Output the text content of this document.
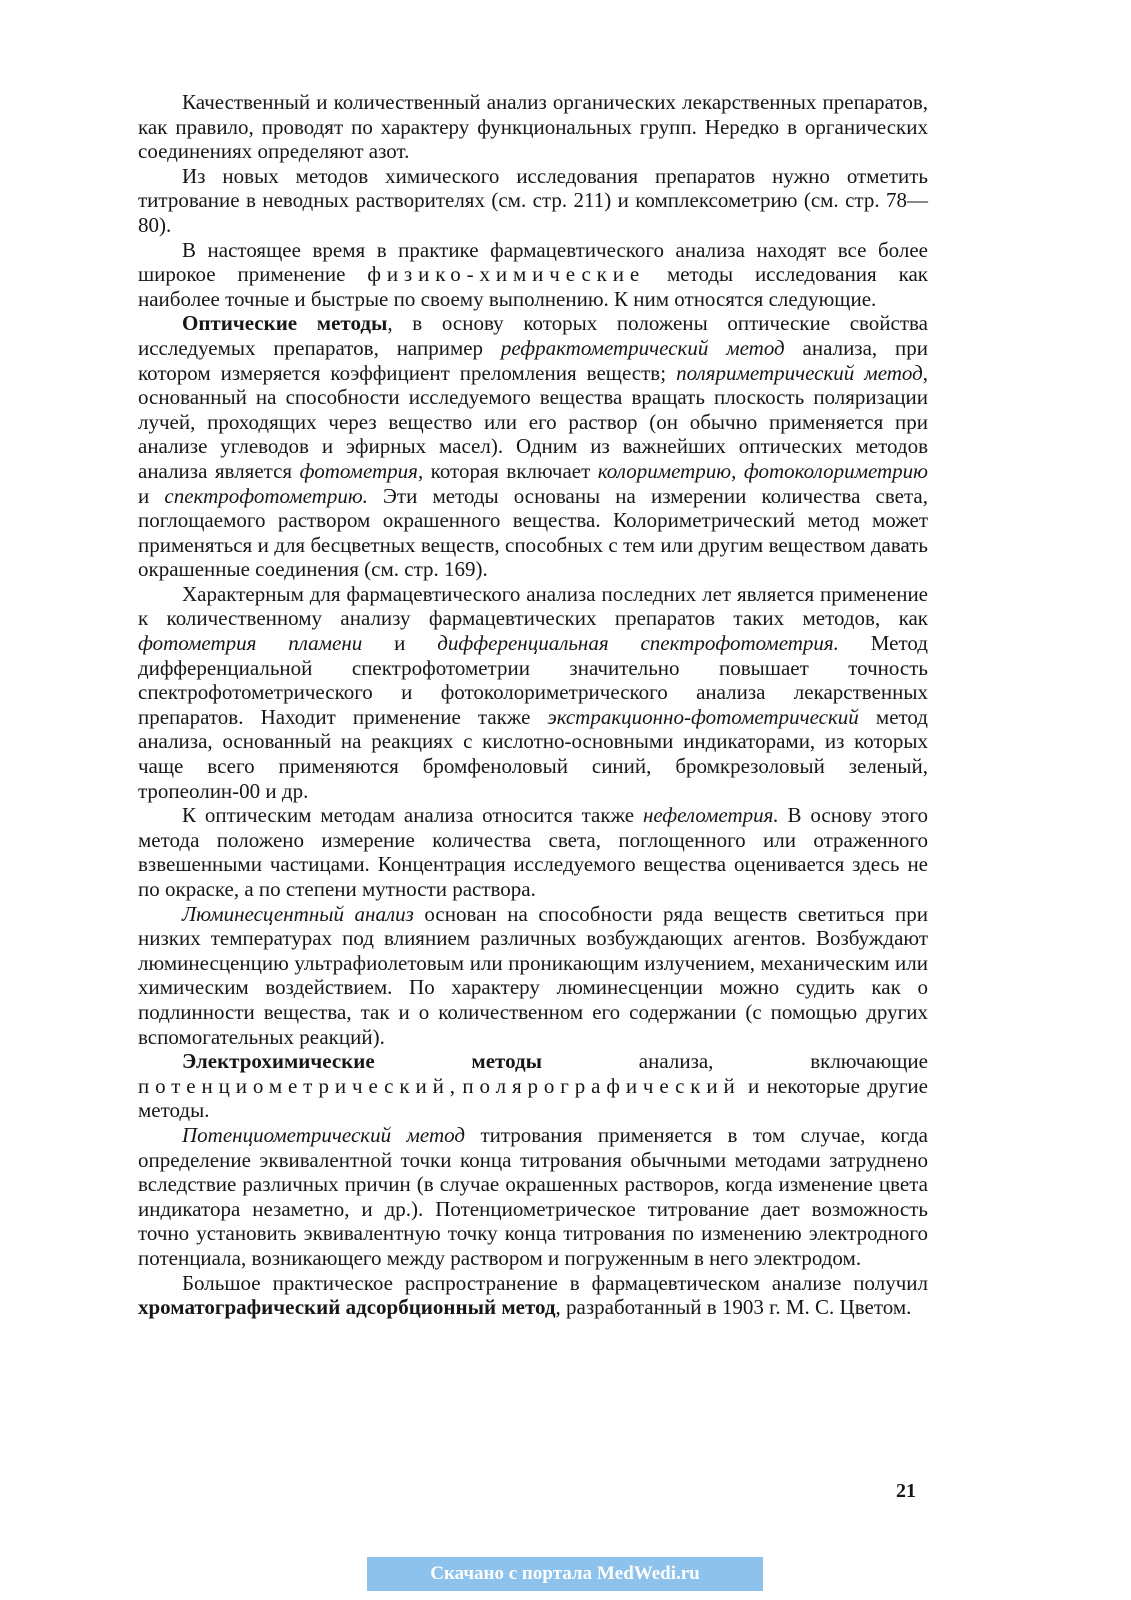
Качественный и количественный анализ органических лекарственных препаратов, как правило, проводят по характеру функциональных групп. Нередко в органических соединениях определяют азот.

Из новых методов химического исследования препаратов нужно отметить титрование в неводных растворителях (см. стр. 211) и комплексометрию (см. стр. 78—80).

В настоящее время в практике фармацевтического анализа находят все более широкое применение физико-химические методы исследования как наиболее точные и быстрые по своему выполнению. К ним относятся следующие.

Оптические методы, в основу которых положены оптические свойства исследуемых препаратов, например рефрактометрический метод анализа, при котором измеряется коэффициент преломления веществ; поляриметрический метод, основанный на способности исследуемого вещества вращать плоскость поляризации лучей, проходящих через вещество или его раствор (он обычно применяется при анализе углеводов и эфирных масел). Одним из важнейших оптических методов анализа является фотометрия, которая включает колориметрию, фотоколориметрию и спектрофотометрию. Эти методы основаны на измерении количества света, поглощаемого раствором окрашенного вещества. Колориметрический метод может применяться и для бесцветных веществ, способных с тем или другим веществом давать окрашенные соединения (см. стр. 169).

Характерным для фармацевтического анализа последних лет является применение к количественному анализу фармацевтических препаратов таких методов, как фотометрия пламени и дифференциальная спектрофотометрия. Метод дифференциальной спектрофотометрии значительно повышает точность спектрофотометрического и фотоколориметрического анализа лекарственных препаратов. Находит применение также экстракционно-фотометрический метод анализа, основанный на реакциях с кислотно-основными индикаторами, из которых чаще всего применяются бромфеноловый синий, бромкрезоловый зеленый, тропеолин-00 и др.

К оптическим методам анализа относится также нефелометрия. В основу этого метода положено измерение количества света, поглощенного или отраженного взвешенными частицами. Концентрация исследуемого вещества оценивается здесь не по окраске, а по степени мутности раствора.

Люминесцентный анализ основан на способности ряда веществ светиться при низких температурах под влиянием различных возбуждающих агентов. Возбуждают люминесценцию ультрафиолетовым или проникающим излучением, механическим или химическим воздействием. По характеру люминесценции можно судить как о подлинности вещества, так и о количественном его содержании (с помощью других вспомогательных реакций).

Электрохимические методы анализа, включающие потенциометрический, полярографический и некоторые другие методы.

Потенциометрический метод титрования применяется в том случае, когда определение эквивалентной точки конца титрования обычными методами затруднено вследствие различных причин (в случае окрашенных растворов, когда изменение цвета индикатора незаметно, и др.). Потенциометрическое титрование дает возможность точно установить эквивалентную точку конца титрования по изменению электродного потенциала, возникающего между раствором и погруженным в него электродом.

Большое практическое распространение в фармацевтическом анализе получил хроматографический адсорбционный метод, разработанный в 1903 г. М. С. Цветом.

21
Скачано с портала MedWedi.ru
